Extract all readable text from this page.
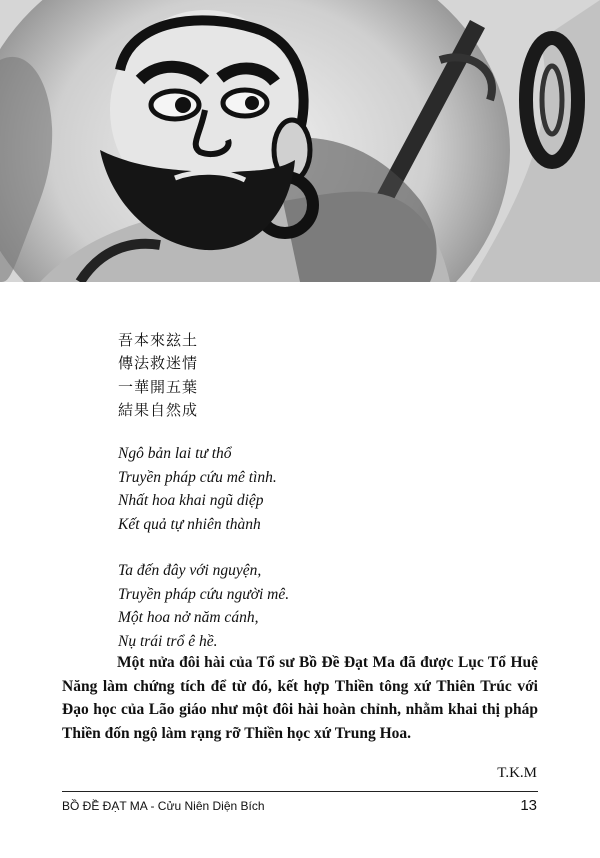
吾本來玆土
傳法救迷情
一華開五葉
結果自然成
Ngô bản lai tư thổ
Truyền pháp cứu mê tình.
Nhất hoa khai ngũ diệp
Kết quả tự nhiên thành
Ta đến đây với nguyện,
Truyền pháp cứu người mê.
Một hoa nở năm cánh,
Nụ trái trổ ê hề.

Một nửa đôi hài của Tổ sư Bồ Đề Đạt Ma đã được Lục Tổ Huệ Năng làm chứng tích để từ đó, kết hợp Thiền tông xứ Thiên Trúc với Đạo học của Lão giáo như một đôi hài hoàn chỉnh, nhằm khai thị pháp Thiền đốn ngộ làm rạng rỡ Thiền học xứ Trung Hoa.

T.K.M
BỒ ĐỀ ĐẠT MA - Cửu Niên Diện Bích	13
